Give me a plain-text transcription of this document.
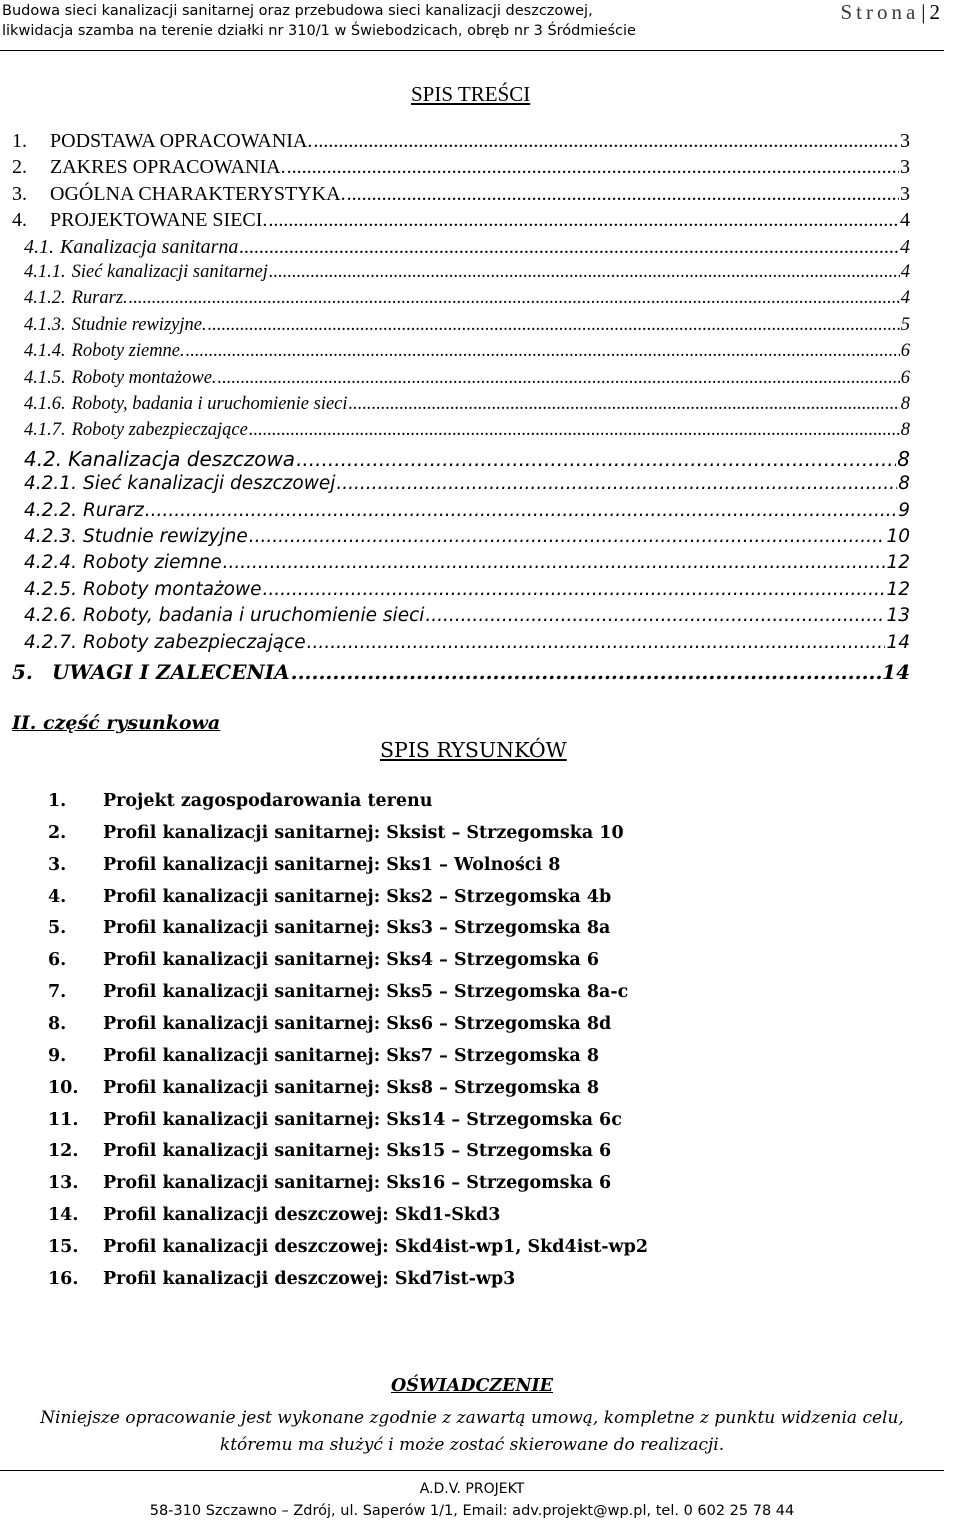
Budowa sieci kanalizacji sanitarnej oraz przebudowa sieci kanalizacji deszczowej,
likwidacja szamba na terenie działki nr 310/1 w Świebodzicach, obręb nr 3 Śródmieście
Strona| 2
SPIS TREŚCI
1.	PODSTAWA OPRACOWANIA. .....	3
2.	ZAKRES OPRACOWANIA. .....	3
3.	OGÓLNA CHARAKTERYSTYKA. .....	3
4.	PROJEKTOWANE SIECI. .....	4
4.1. Kanalizacja sanitarna .....	4
4.1.1. Sieć kanalizacji sanitarnej .....	4
4.1.2. Rurarz. .....	4
4.1.3. Studnie rewizyjne. .....	5
4.1.4. Roboty ziemne. .....	6
4.1.5. Roboty montażowe. .....	6
4.1.6. Roboty, badania i uruchomienie sieci .....	8
4.1.7. Roboty zabezpieczające .....	8
4.2. Kanalizacja deszczowa .....	8
4.2.1. Sieć kanalizacji deszczowej .....	8
4.2.2. Rurarz .....	9
4.2.3. Studnie rewizyjne .....	10
4.2.4. Roboty ziemne .....	12
4.2.5. Roboty montażowe .....	12
4.2.6. Roboty, badania i uruchomienie sieci .....	13
4.2.7. Roboty zabezpieczające .....	14
5. UWAGI I ZALECENIA .....	14
II. część rysunkowa
SPIS RYSUNKÓW
1. Projekt zagospodarowania terenu
2. Profil kanalizacji sanitarnej: Sksist – Strzegomska 10
3. Profil kanalizacji sanitarnej: Sks1 – Wolności 8
4. Profil kanalizacji sanitarnej: Sks2 – Strzegomska 4b
5. Profil kanalizacji sanitarnej: Sks3 – Strzegomska 8a
6. Profil kanalizacji sanitarnej: Sks4 – Strzegomska 6
7. Profil kanalizacji sanitarnej: Sks5 – Strzegomska 8a-c
8. Profil kanalizacji sanitarnej: Sks6 – Strzegomska 8d
9. Profil kanalizacji sanitarnej: Sks7 – Strzegomska 8
10. Profil kanalizacji sanitarnej: Sks8 – Strzegomska 8
11. Profil kanalizacji sanitarnej: Sks14 – Strzegomska 6c
12. Profil kanalizacji sanitarnej: Sks15 – Strzegomska 6
13. Profil kanalizacji sanitarnej: Sks16 – Strzegomska 6
14. Profil kanalizacji deszczowej: Skd1-Skd3
15. Profil kanalizacji deszczowej: Skd4ist-wp1, Skd4ist-wp2
16. Profil kanalizacji deszczowej: Skd7ist-wp3
OŚWIADCZENIE
Niniejsze opracowanie jest wykonane zgodnie z zawartą umową, kompletne z punktu widzenia celu,
któremu ma służyć i może zostać skierowane do realizacji.
A.D.V. PROJEKT
58-310 Szczawno – Zdrój, ul. Saperów 1/1, Email: adv.projekt@wp.pl, tel. 0 602 25 78 44
